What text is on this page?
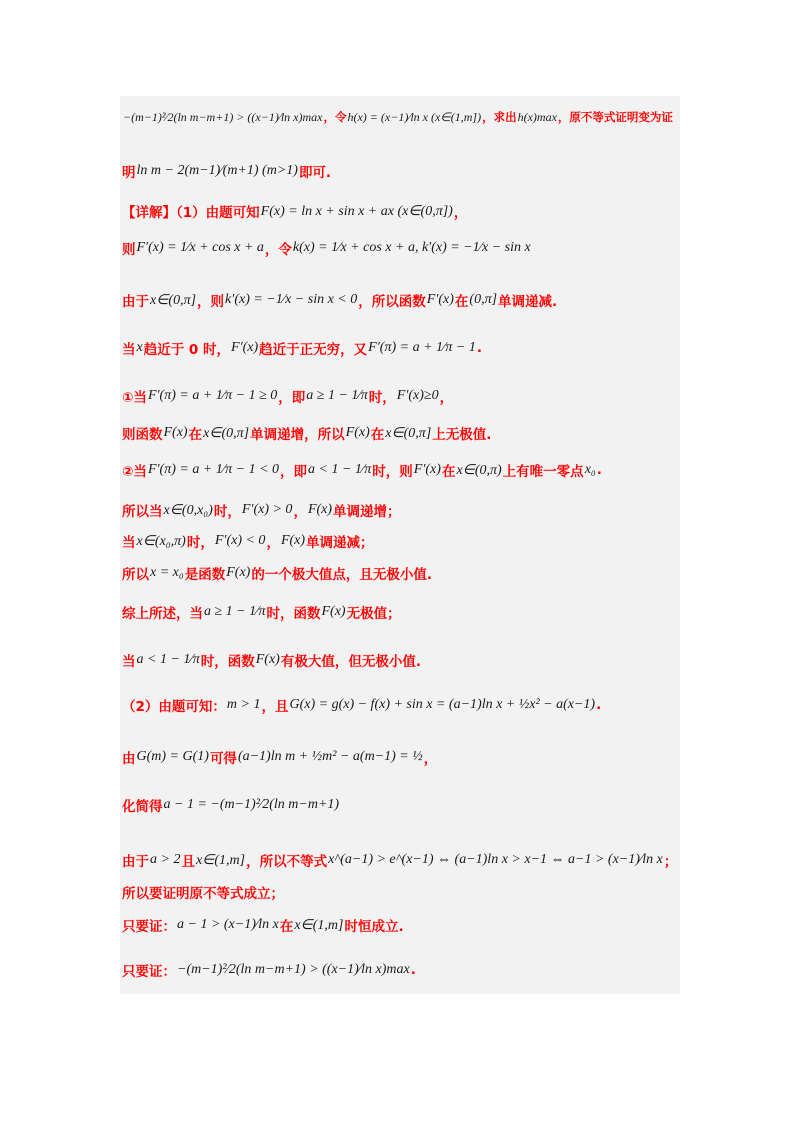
−(m−1)²⁄2(ln m−m+1) > ((x−1)⁄ln x)max ，令 h(x) = (x−1)⁄ln x (x∈(1,m]) ，求出 h(x)max ，原不等式证明变为证
明 ln m − 2(m−1)⁄(m+1) (m>1) 即可.
【详解】（1）由题可知 F(x) = ln x + sin x + ax (x∈(0,π]) ，
则 F′(x) = 1⁄x + cos x + a ，令 k(x) = 1⁄x + cos x + a, k′(x) = −1⁄x − sin x
由于 x∈(0,π] ，则 k′(x) = −1⁄x − sin x < 0 ，所以函数 F′(x) 在 (0,π] 单调递减.
当 x 趋近于 0 时， F′(x) 趋近于正无穷，又 F′(π) = a + 1⁄π − 1 .
①当 F′(π) = a + 1⁄π − 1 ≥ 0 ，即 a ≥ 1 − 1⁄π 时， F′(x)≥0 ，
则函数 F(x) 在 x∈(0,π] 单调递增，所以 F(x) 在 x∈(0,π] 上无极值.
②当 F′(π) = a + 1⁄π − 1 < 0 ，即 a < 1 − 1⁄π 时，则 F′(x) 在 x∈(0,π) 上有唯一零点 x₀ .
所以当 x∈(0,x₀) 时， F′(x) > 0 ， F(x) 单调递增；
当 x∈(x₀,π) 时， F′(x) < 0 ， F(x) 单调递减；
所以 x = x₀ 是函数 F(x) 的一个极大值点，且无极小值.
综上所述，当 a ≥ 1 − 1⁄π 时，函数 F(x) 无极值；
当 a < 1 − 1⁄π 时，函数 F(x) 有极大值，但无极小值.
（2）由题可知： m > 1 ，且 G(x) = g(x) − f(x) + sin x = (a−1)ln x + ½x² − a(x−1) .
由 G(m) = G(1) 可得 (a−1)ln m + ½m² − a(m−1) = ½ ，
化简得 a − 1 = −(m−1)²⁄2(ln m−m+1)
由于 a > 2 且 x∈(1,m] ，所以不等式 x^(a−1) > e^(x−1) ⇔ (a−1)ln x > x−1 ⇔ a−1 > (x−1)⁄ln x ；
所以要证明原不等式成立；
只要证： a − 1 > (x−1)⁄ln x 在 x∈(1,m] 时恒成立.
只要证： −(m−1)²⁄2(ln m−m+1) > ((x−1)⁄ln x)max .
